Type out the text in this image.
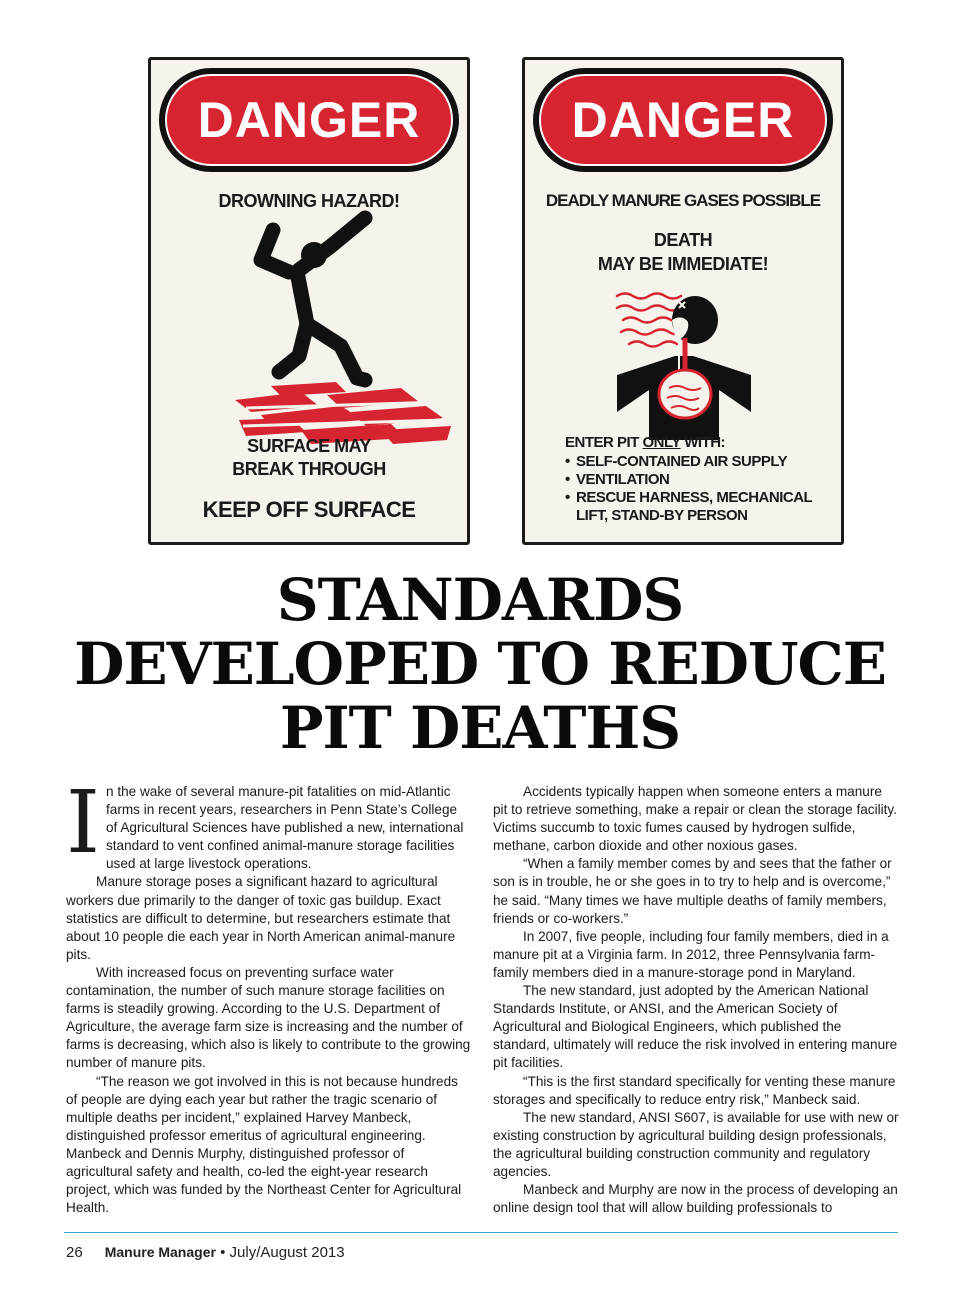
DANGER
DROWNING HAZARD!
SURFACE MAY
BREAK THROUGH
KEEP OFF SURFACE
DANGER
DEADLY MANURE GASES POSSIBLE
DEATH
MAY BE IMMEDIATE!
ENTER PIT ONLY WITH:
• SELF-CONTAINED AIR SUPPLY
• VENTILATION
• RESCUE HARNESS, MECHANICAL LIFT, STAND-BY PERSON
STANDARDS
DEVELOPED TO REDUCE
PIT DEATHS

In the wake of several manure-pit fatalities on mid-Atlantic farms in recent years, researchers in Penn State’s College of Agricultural Sciences have published a new, international standard to vent confined animal-manure storage facilities used at large livestock operations.

Manure storage poses a significant hazard to agricultural workers due primarily to the danger of toxic gas buildup. Exact statistics are difficult to determine, but researchers estimate that about 10 people die each year in North American animal-manure pits.

With increased focus on preventing surface water contamination, the number of such manure storage facilities on farms is steadily growing. According to the U.S. Department of Agriculture, the average farm size is increasing and the number of farms is decreasing, which also is likely to contribute to the growing number of manure pits.

“The reason we got involved in this is not because hundreds of people are dying each year but rather the tragic scenario of multiple deaths per incident,” explained Harvey Manbeck, distinguished professor emeritus of agricultural engineering. Manbeck and Dennis Murphy, distinguished professor of agricultural safety and health, co-led the eight-year research project, which was funded by the Northeast Center for Agricultural Health.

Accidents typically happen when someone enters a manure pit to retrieve something, make a repair or clean the storage facility. Victims succumb to toxic fumes caused by hydrogen sulfide, methane, carbon dioxide and other noxious gases.

“When a family member comes by and sees that the father or son is in trouble, he or she goes in to try to help and is overcome,” he said. “Many times we have multiple deaths of family members, friends or co-workers.”

In 2007, five people, including four family members, died in a manure pit at a Virginia farm. In 2012, three Pennsylvania farm-family members died in a manure-storage pond in Maryland.

The new standard, just adopted by the American National Standards Institute, or ANSI, and the American Society of Agricultural and Biological Engineers, which published the standard, ultimately will reduce the risk involved in entering manure pit facilities.

“This is the first standard specifically for venting these manure storages and specifically to reduce entry risk,” Manbeck said.

The new standard, ANSI S607, is available for use with new or existing construction by agricultural building design professionals, the agricultural building construction community and regulatory agencies.

Manbeck and Murphy are now in the process of developing an online design tool that will allow building professionals to

26 Manure Manager • July/August 2013
